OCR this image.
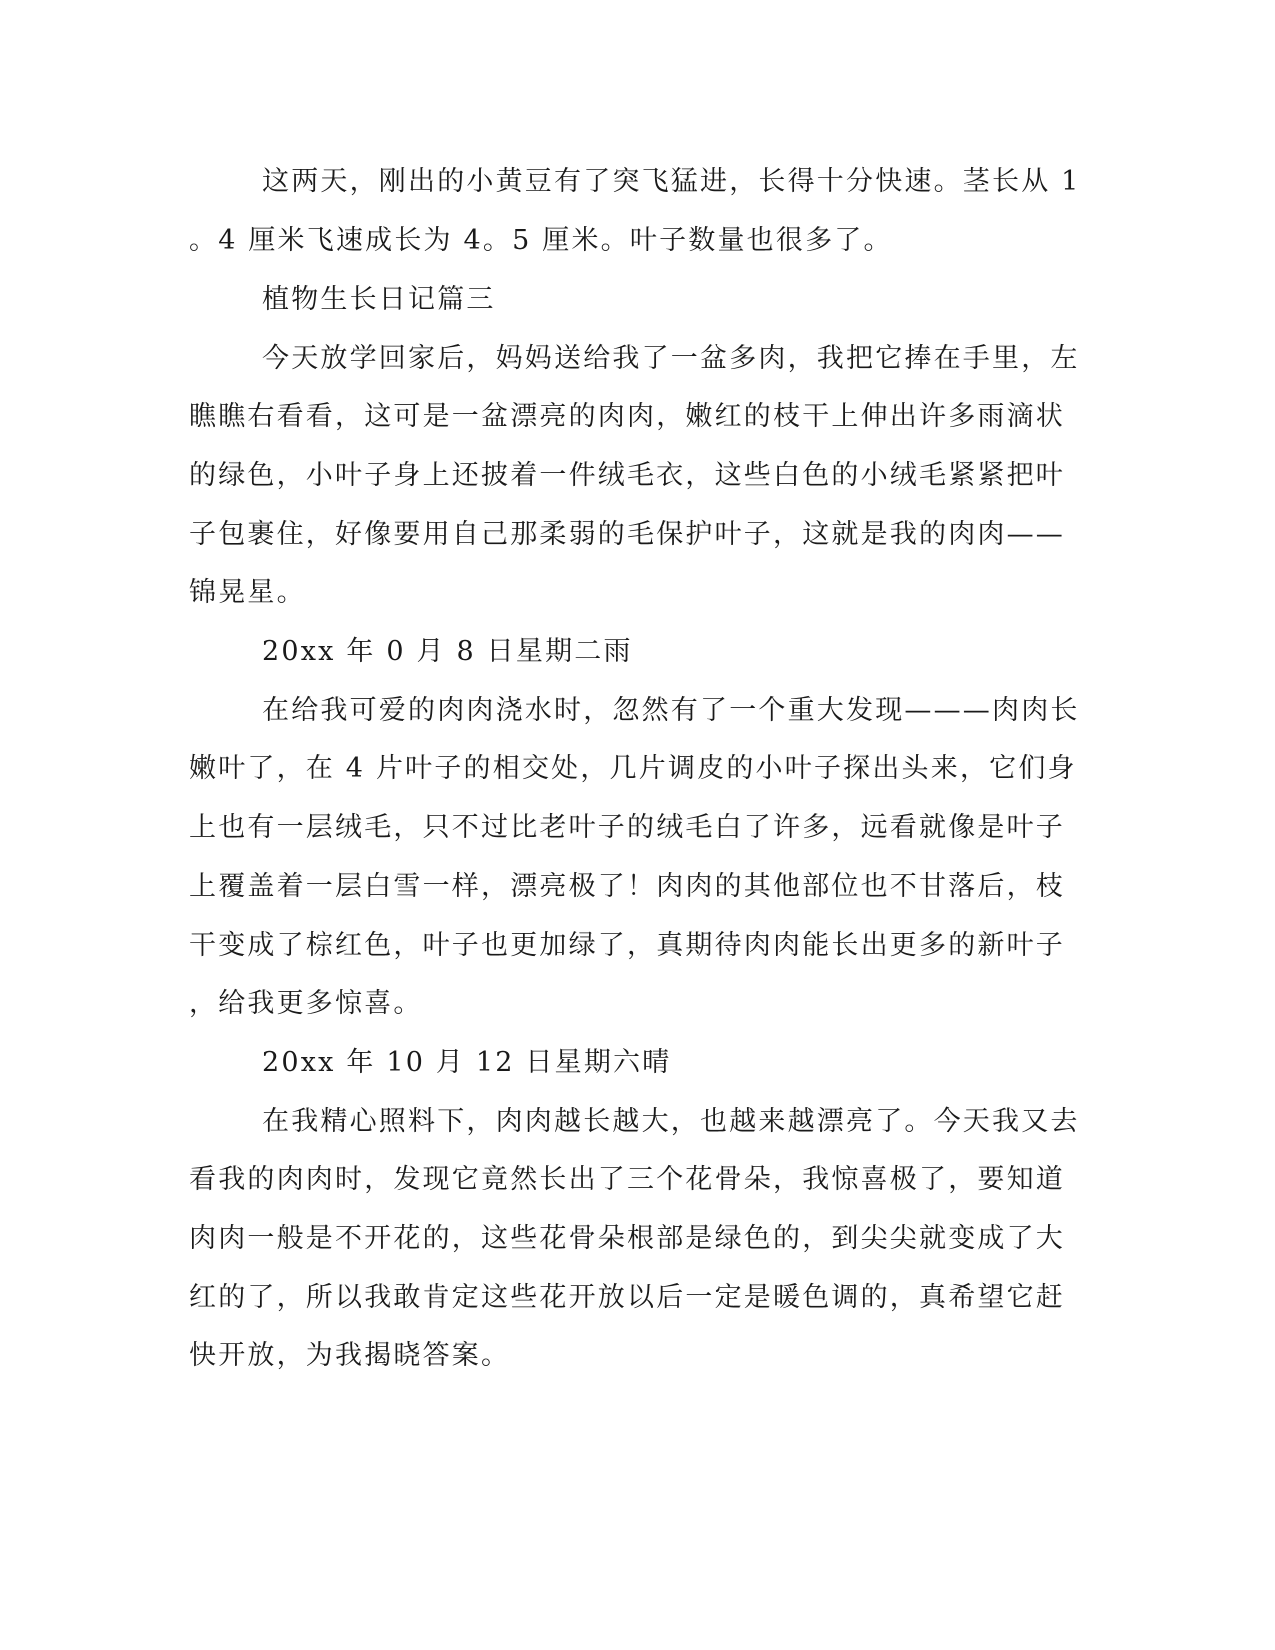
这两天，刚出的小黄豆有了突飞猛进，长得十分快速。茎长从 1
。4 厘米飞速成长为 4。5 厘米。叶子数量也很多了。
植物生长日记篇三
今天放学回家后，妈妈送给我了一盆多肉，我把它捧在手里，左
瞧瞧右看看，这可是一盆漂亮的肉肉，嫩红的枝干上伸出许多雨滴状
的绿色，小叶子身上还披着一件绒毛衣，这些白色的小绒毛紧紧把叶
子包裹住，好像要用自己那柔弱的毛保护叶子，这就是我的肉肉——
锦晃星。
20xx 年 0 月 8 日星期二雨
在给我可爱的肉肉浇水时，忽然有了一个重大发现———肉肉长
嫩叶了，在 4 片叶子的相交处，几片调皮的小叶子探出头来，它们身
上也有一层绒毛，只不过比老叶子的绒毛白了许多，远看就像是叶子
上覆盖着一层白雪一样，漂亮极了！肉肉的其他部位也不甘落后，枝
干变成了棕红色，叶子也更加绿了，真期待肉肉能长出更多的新叶子
，给我更多惊喜。
20xx 年 10 月 12 日星期六晴
在我精心照料下，肉肉越长越大，也越来越漂亮了。今天我又去
看我的肉肉时，发现它竟然长出了三个花骨朵，我惊喜极了，要知道
肉肉一般是不开花的，这些花骨朵根部是绿色的，到尖尖就变成了大
红的了，所以我敢肯定这些花开放以后一定是暖色调的，真希望它赶
快开放，为我揭晓答案。
